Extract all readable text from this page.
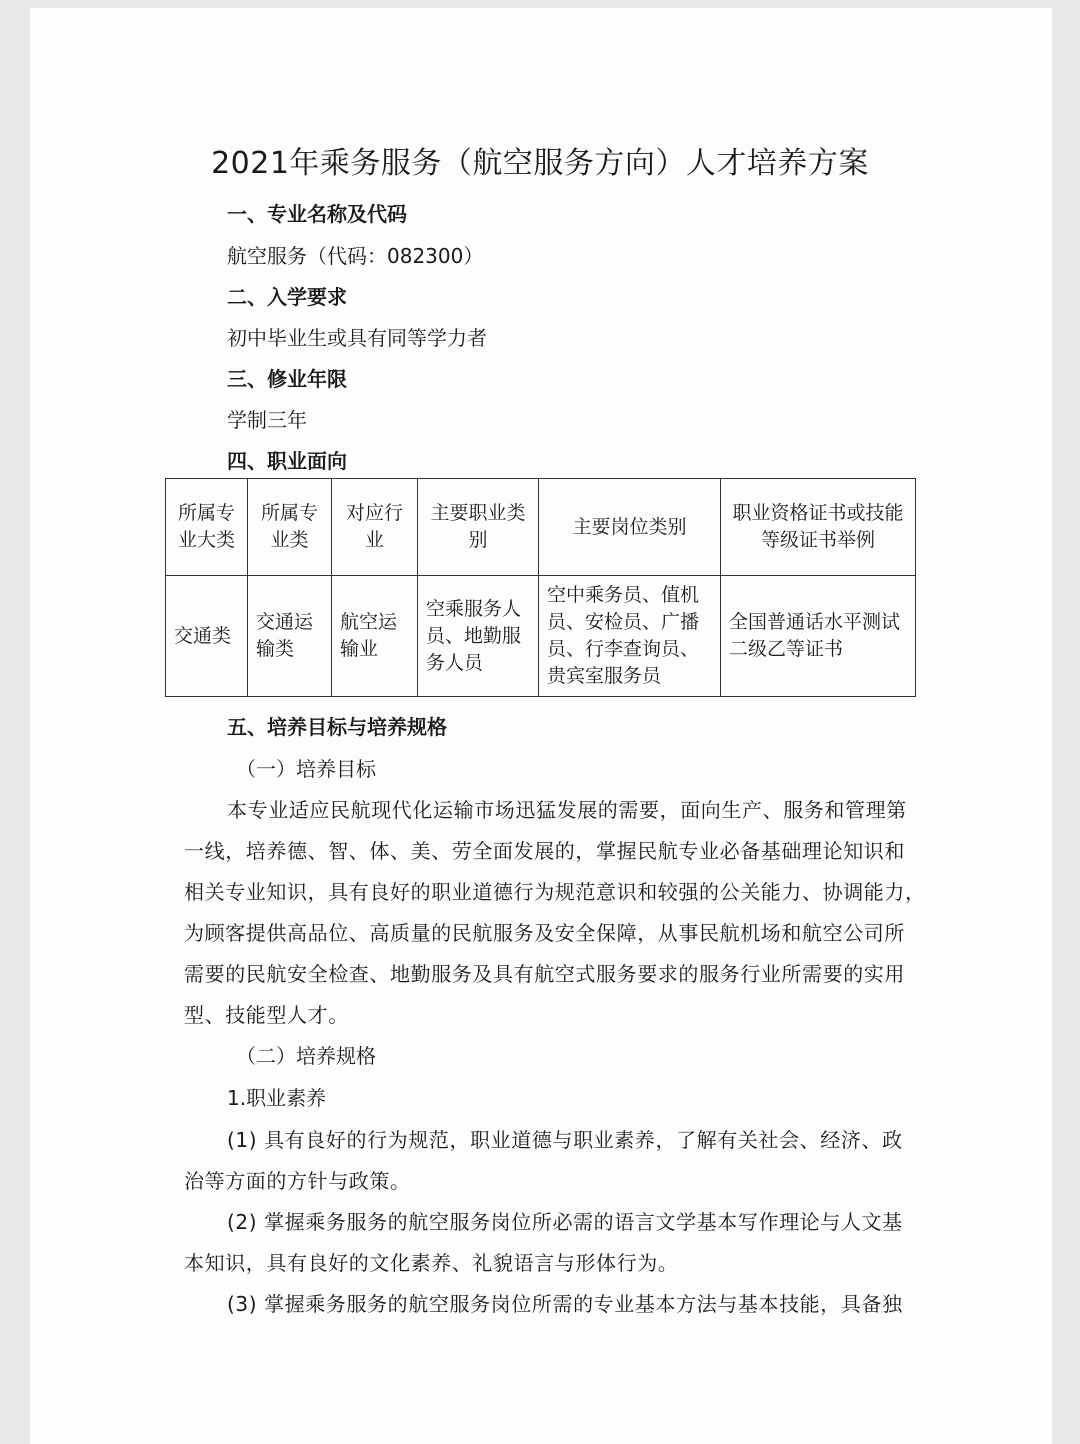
2021年乘务服务（航空服务方向）人才培养方案
一、专业名称及代码
航空服务（代码：082300）
二、入学要求
初中毕业生或具有同等学力者
三、修业年限
学制三年
四、职业面向
所属专业大类	所属专业类	对应行业	主要职业类别	主要岗位类别	职业资格证书或技能等级证书举例
交通类	交通运输类	航空运输业	空乘服务人员、地勤服务人员	空中乘务员、值机员、安检员、广播员、行李查询员、贵宾室服务员	全国普通话水平测试二级乙等证书
五、培养目标与培养规格
（一）培养目标
本专业适应民航现代化运输市场迅猛发展的需要，面向生产、服务和管理第
一线，培养德、智、体、美、劳全面发展的，掌握民航专业必备基础理论知识和
相关专业知识，具有良好的职业道德行为规范意识和较强的公关能力、协调能力，
为顾客提供高品位、高质量的民航服务及安全保障，从事民航机场和航空公司所
需要的民航安全检查、地勤服务及具有航空式服务要求的服务行业所需要的实用
型、技能型人才。
（二）培养规格
1.职业素养
(1) 具有良好的行为规范，职业道德与职业素养，了解有关社会、经济、政
治等方面的方针与政策。
(2) 掌握乘务服务的航空服务岗位所必需的语言文学基本写作理论与人文基
本知识，具有良好的文化素养、礼貌语言与形体行为。
(3) 掌握乘务服务的航空服务岗位所需的专业基本方法与基本技能，具备独
